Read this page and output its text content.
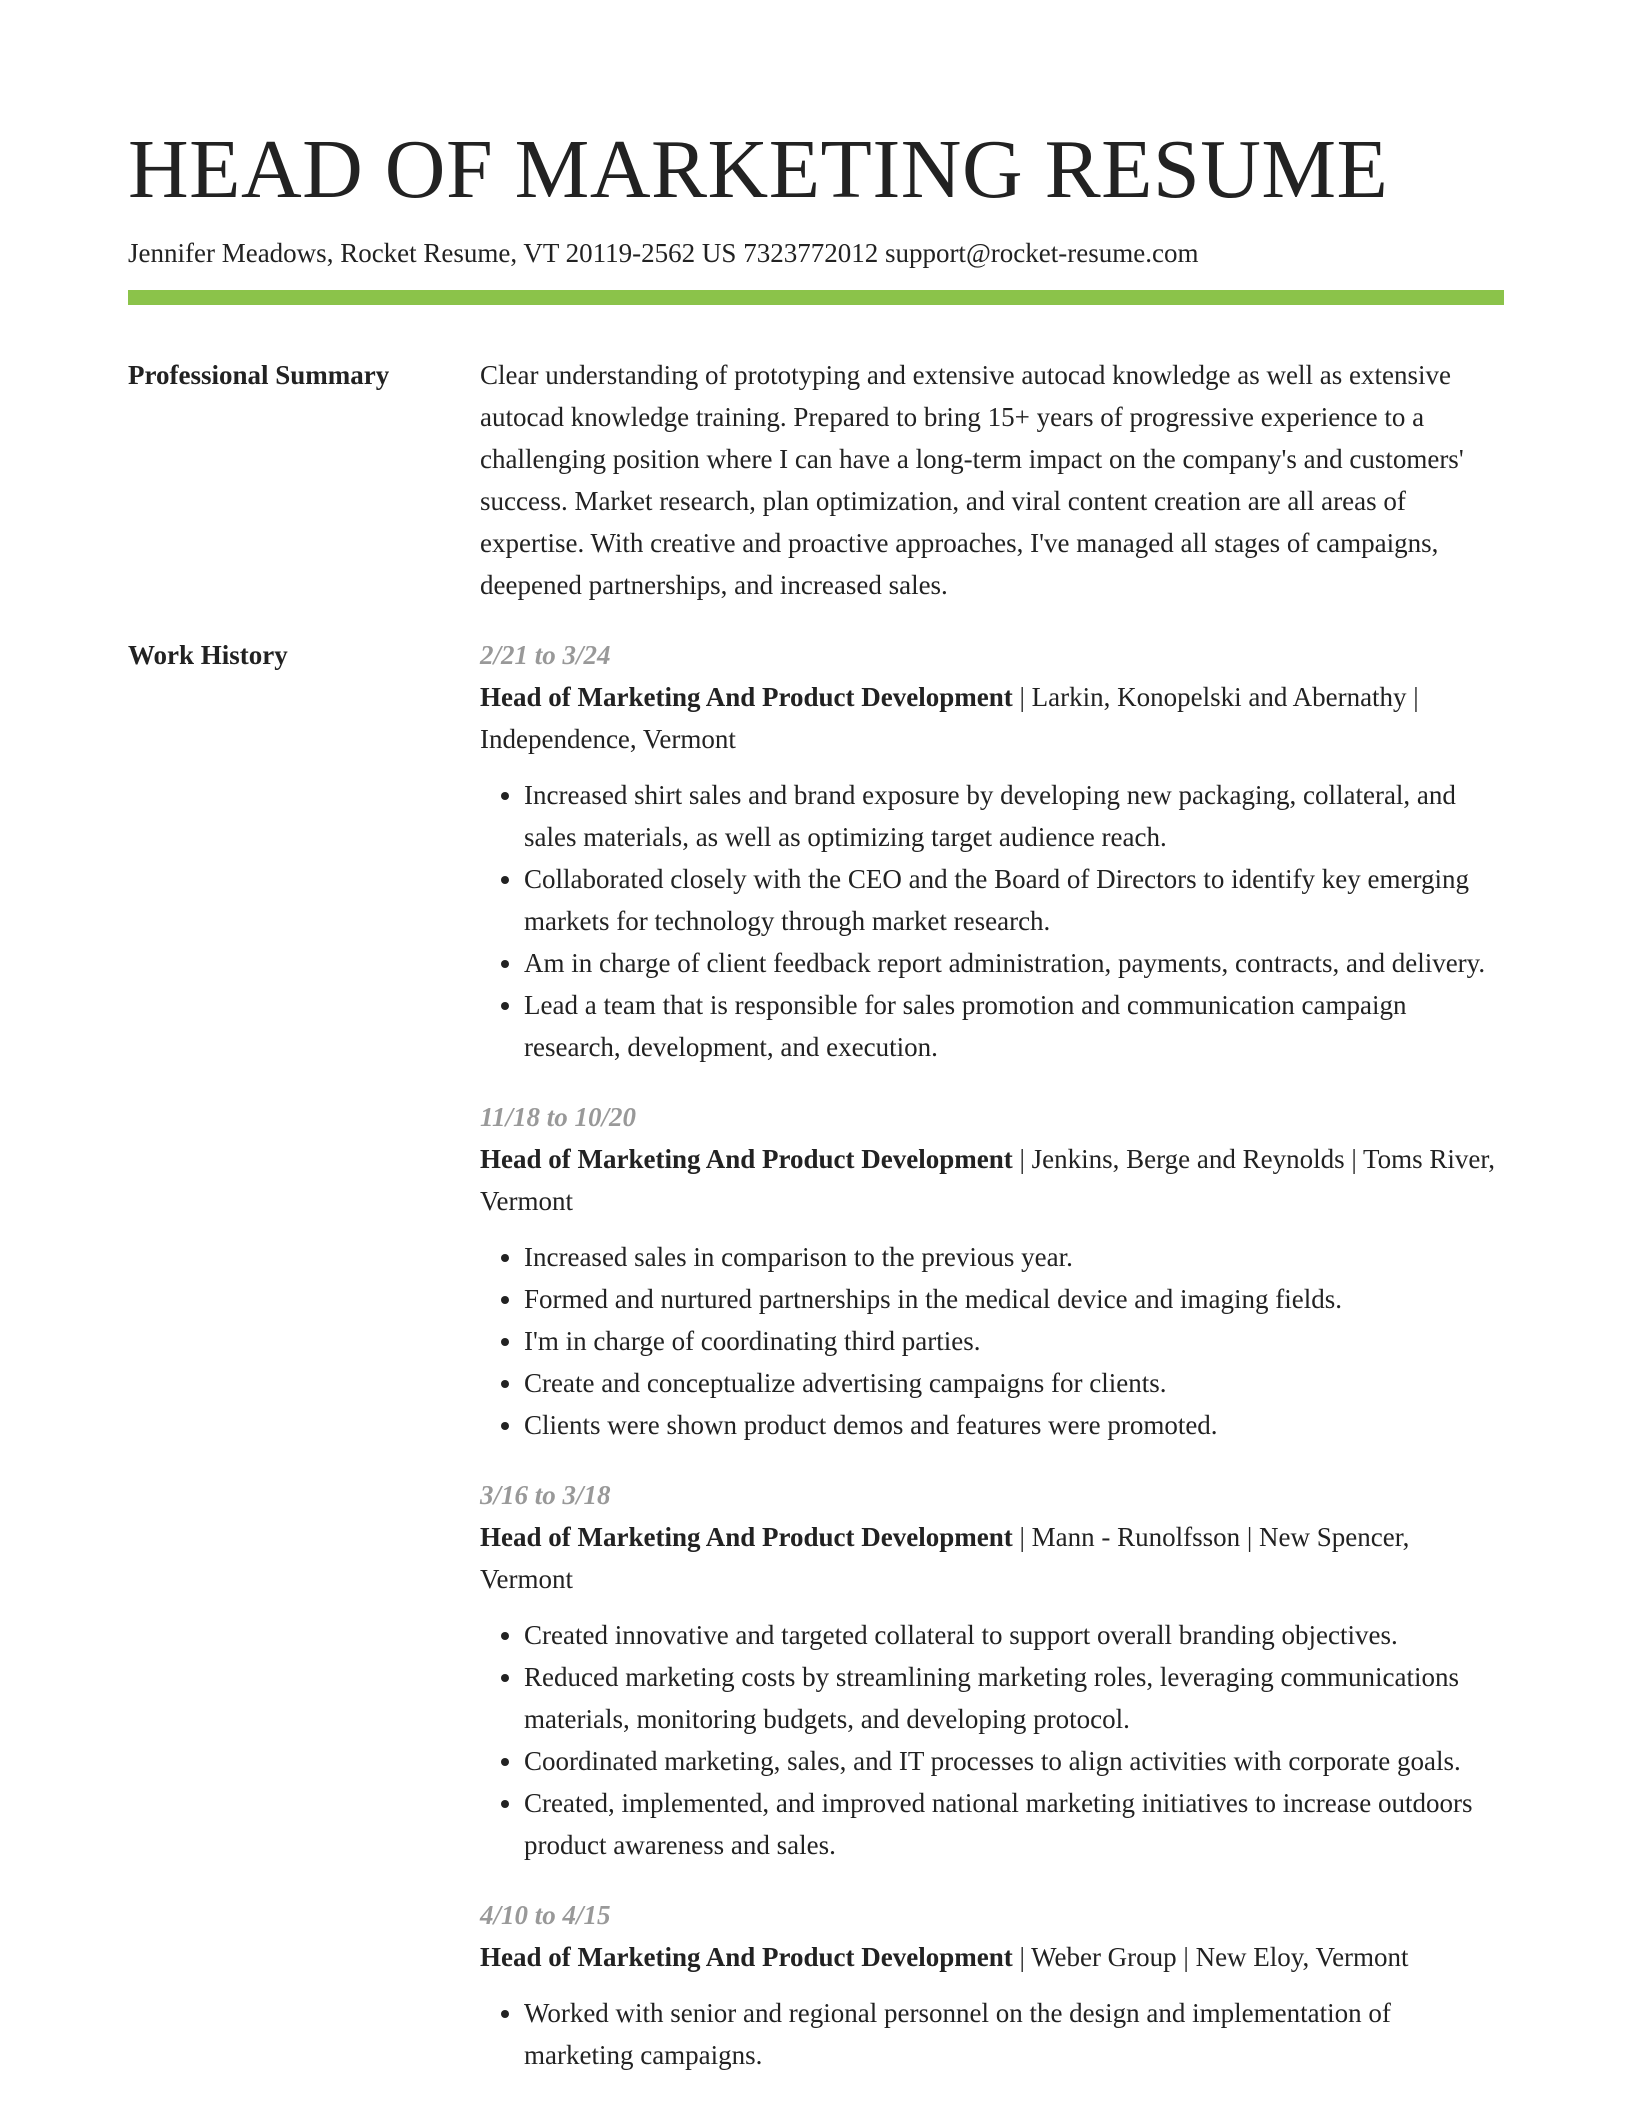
HEAD OF MARKETING RESUME
Jennifer Meadows, Rocket Resume, VT 20119-2562 US 7323772012 support@rocket-resume.com
Professional Summary	Clear understanding of prototyping and extensive autocad knowledge as well as extensive autocad knowledge training. Prepared to bring 15+ years of progressive experience to a challenging position where I can have a long-term impact on the company's and customers' success. Market research, plan optimization, and viral content creation are all areas of expertise. With creative and proactive approaches, I've managed all stages of campaigns, deepened partnerships, and increased sales.

Work History	2/21 to 3/24

Head of Marketing And Product Development | Larkin, Konopelski and Abernathy | Independence, Vermont

• Increased shirt sales and brand exposure by developing new packaging, collateral, and sales materials, as well as optimizing target audience reach.
• Collaborated closely with the CEO and the Board of Directors to identify key emerging markets for technology through market research.
• Am in charge of client feedback report administration, payments, contracts, and delivery.
• Lead a team that is responsible for sales promotion and communication campaign research, development, and execution.
11/18 to 10/20

Head of Marketing And Product Development | Jenkins, Berge and Reynolds | Toms River, Vermont

• Increased sales in comparison to the previous year.
• Formed and nurtured partnerships in the medical device and imaging fields.
• I'm in charge of coordinating third parties.
• Create and conceptualize advertising campaigns for clients.
• Clients were shown product demos and features were promoted.
3/16 to 3/18

Head of Marketing And Product Development | Mann - Runolfsson | New Spencer, Vermont

• Created innovative and targeted collateral to support overall branding objectives.
• Reduced marketing costs by streamlining marketing roles, leveraging communications materials, monitoring budgets, and developing protocol.
• Coordinated marketing, sales, and IT processes to align activities with corporate goals.
• Created, implemented, and improved national marketing initiatives to increase outdoors product awareness and sales.
4/10 to 4/15

Head of Marketing And Product Development | Weber Group | New Eloy, Vermont

• Worked with senior and regional personnel on the design and implementation of marketing campaigns.
